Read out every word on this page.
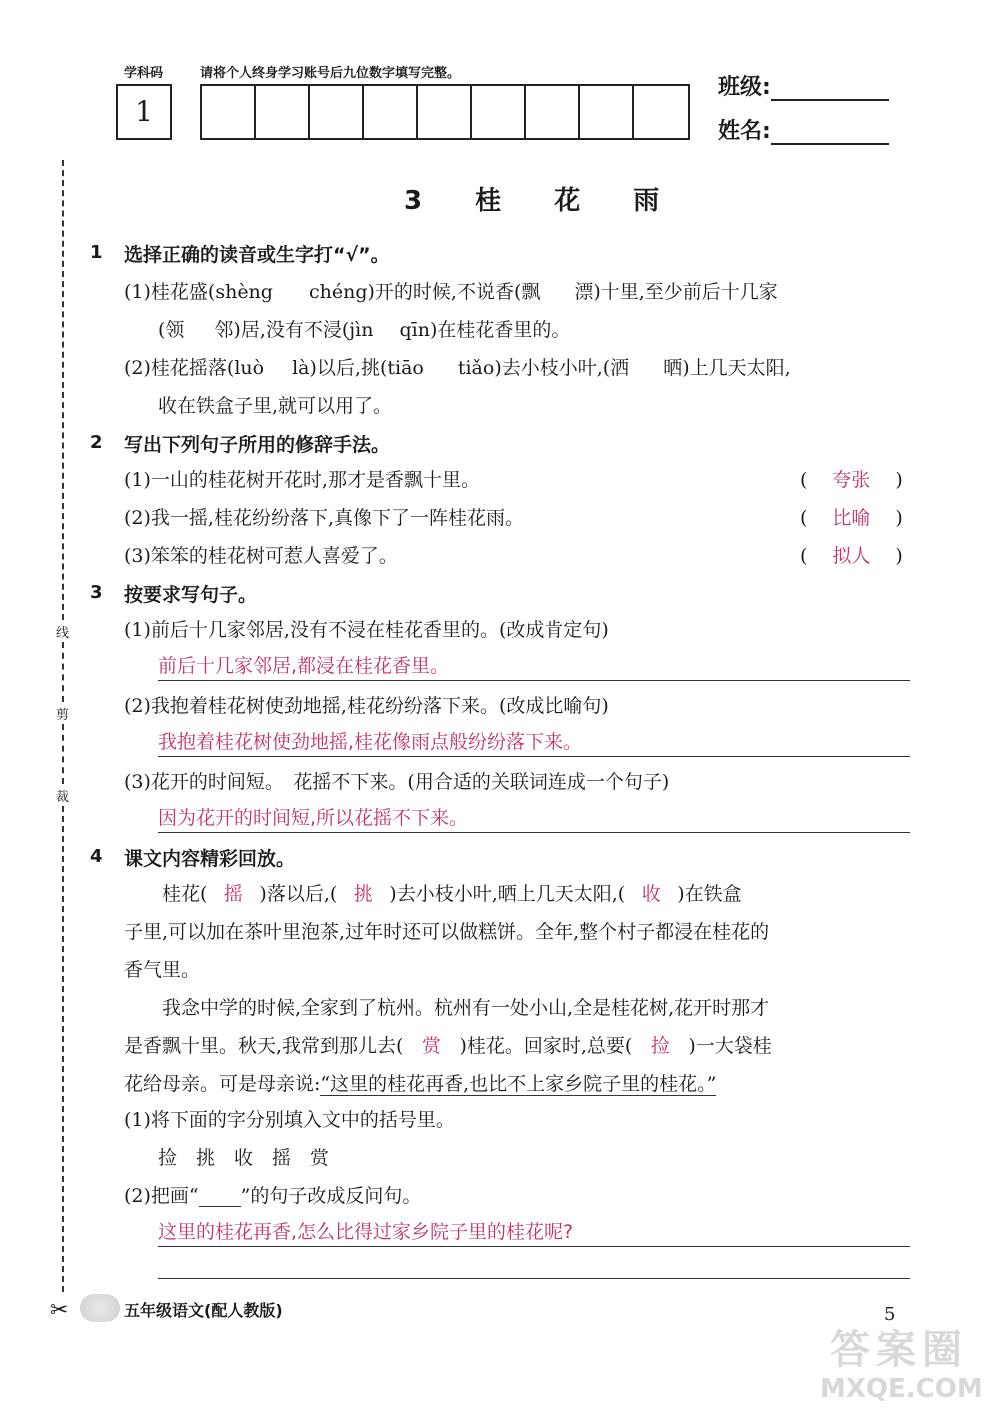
学科码	请将个人终身学习账号后九位数字填写完整。
1
班级:
姓名:
线
剪
裁
✂
3 桂 花 雨
1 选择正确的读音或生字打“√”。
(1)桂花盛(shèng chéng)开的时候,不说香(飘 漂)十里,至少前后十几家
(领 邻)居,没有不浸(jìn qīn)在桂花香里的。
(2)桂花摇落(luò là)以后,挑(tiāo tiǎo)去小枝小叶,(洒 晒)上几天太阳,
收在铁盒子里,就可以用了。
2 写出下列句子所用的修辞手法。
(1)一山的桂花树开花时,那才是香飘十里。	( 夸张 )
(2)我一摇,桂花纷纷落下,真像下了一阵桂花雨。	( 比喻 )
(3)笨笨的桂花树可惹人喜爱了。	( 拟人 )
3 按要求写句子。
(1)前后十几家邻居,没有不浸在桂花香里的。(改成肯定句)
前后十几家邻居,都浸在桂花香里。
(2)我抱着桂花树使劲地摇,桂花纷纷落下来。(改成比喻句)
我抱着桂花树使劲地摇,桂花像雨点般纷纷落下来。
(3)花开的时间短。　花摇不下来。(用合适的关联词连成一个句子)
因为花开的时间短,所以花摇不下来。
4 课文内容精彩回放。
桂花( 摇 )落以后,( 挑 )去小枝小叶,晒上几天太阳,( 收 )在铁盒
子里,可以加在茶叶里泡茶,过年时还可以做糕饼。全年,整个村子都浸在桂花的
香气里。
我念中学的时候,全家到了杭州。杭州有一处小山,全是桂花树,花开时那才
是香飘十里。秋天,我常到那儿去( 赏 )桂花。回家时,总要( 捡 )一大袋桂
花给母亲。可是母亲说:“这里的桂花再香,也比不上家乡院子里的桂花。”
(1)将下面的字分别填入文中的括号里。
捡　挑　收　摇　赏
(2)把画“ ”的句子改成反问句。
这里的桂花再香,怎么比得过家乡院子里的桂花呢?
五年级语文(配人教版)	5
答案圈
MXQE.COM
